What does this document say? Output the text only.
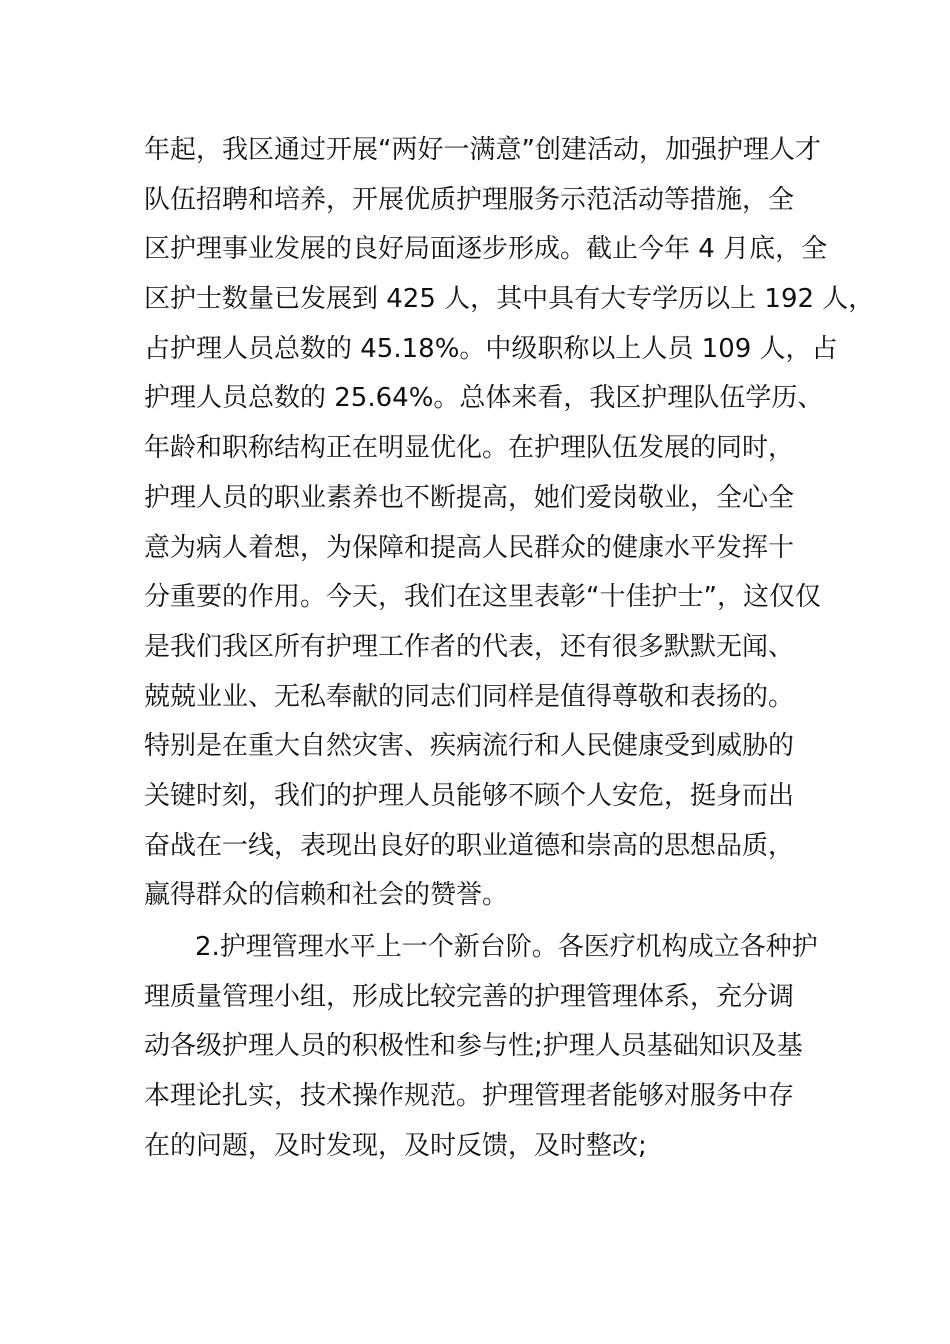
年起，我区通过开展“两好一满意”创建活动，加强护理人才
队伍招聘和培养，开展优质护理服务示范活动等措施，全
区护理事业发展的良好局面逐步形成。截止今年 4 月底，全
区护士数量已发展到 425 人，其中具有大专学历以上 192 人，
占护理人员总数的 45.18%。中级职称以上人员 109 人，占
护理人员总数的 25.64%。总体来看，我区护理队伍学历、
年龄和职称结构正在明显优化。在护理队伍发展的同时，
护理人员的职业素养也不断提高，她们爱岗敬业，全心全
意为病人着想，为保障和提高人民群众的健康水平发挥十
分重要的作用。今天，我们在这里表彰“十佳护士”，这仅仅
是我们我区所有护理工作者的代表，还有很多默默无闻、
兢兢业业、无私奉献的同志们同样是值得尊敬和表扬的。
特别是在重大自然灾害、疾病流行和人民健康受到威胁的
关键时刻，我们的护理人员能够不顾个人安危，挺身而出
奋战在一线，表现出良好的职业道德和崇高的思想品质，
赢得群众的信赖和社会的赞誉。
2.护理管理水平上一个新台阶。各医疗机构成立各种护
理质量管理小组，形成比较完善的护理管理体系，充分调
动各级护理人员的积极性和参与性;护理人员基础知识及基
本理论扎实，技术操作规范。护理管理者能够对服务中存
在的问题，及时发现，及时反馈，及时整改;
